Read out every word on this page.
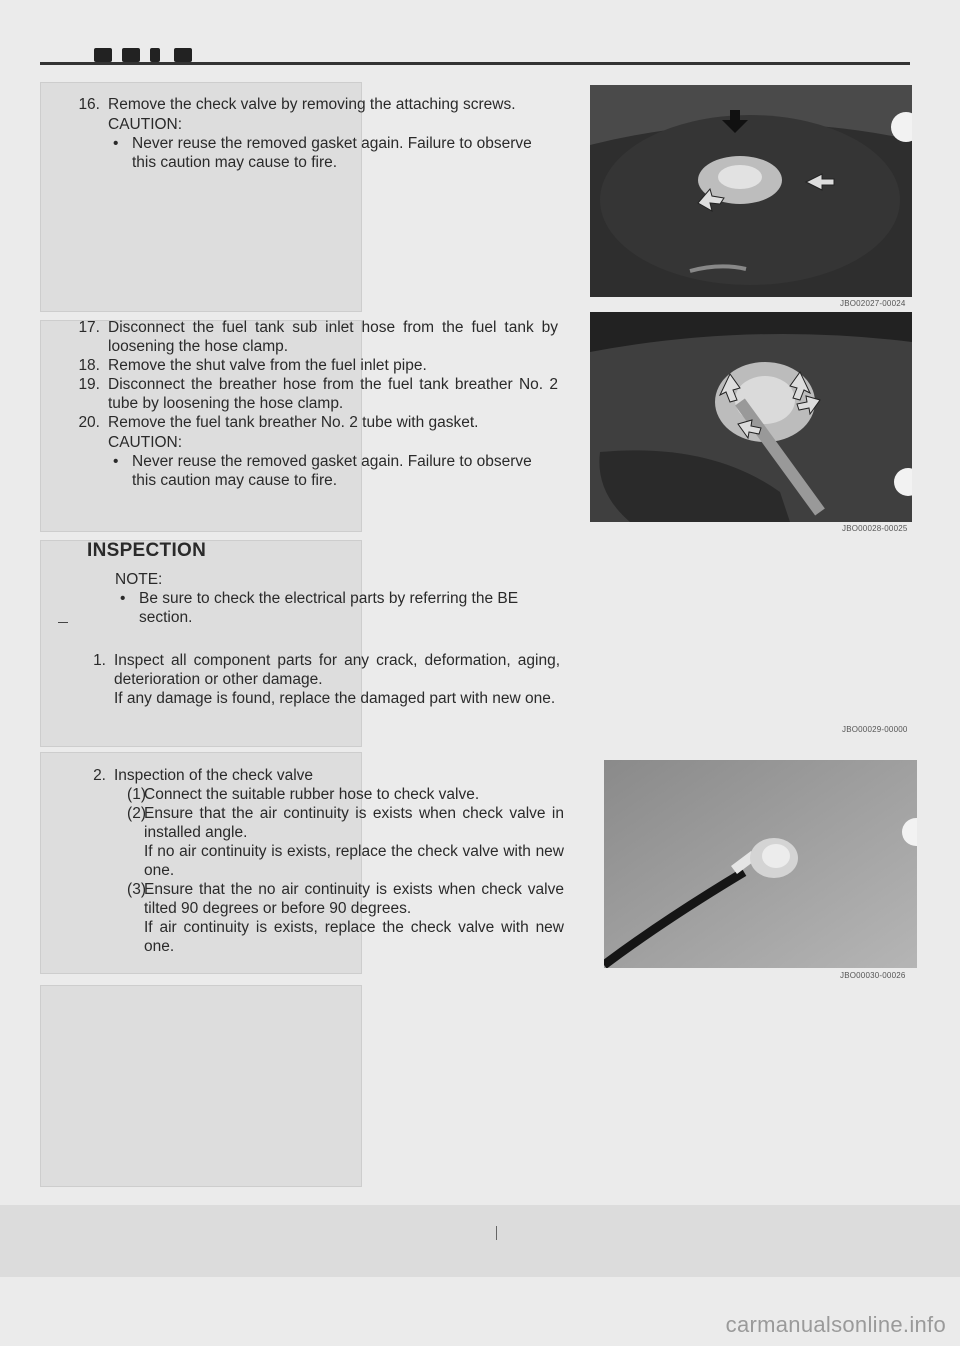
16. Remove the check valve by removing the attaching screws.
CAUTION:
• Never reuse the removed gasket again. Failure to observe this caution may cause to fire.
JBO02027-00024
17. Disconnect the fuel tank sub inlet hose from the fuel tank by loosening the hose clamp.
18. Remove the shut valve from the fuel inlet pipe.
19. Disconnect the breather hose from the fuel tank breather No. 2 tube by loosening the hose clamp.
20. Remove the fuel tank breather No. 2 tube with gasket.
CAUTION:
• Never reuse the removed gasket again. Failure to observe this caution may cause to fire.
JBO00028-00025
INSPECTION
NOTE:
• Be sure to check the electrical parts by referring the BE section.
1. Inspect all component parts for any crack, deformation, aging, deterioration or other damage.
If any damage is found, replace the damaged part with new one.
JBO00029-00000
2. Inspection of the check valve
(1)
Connect the suitable rubber hose to check valve.
(2)
Ensure that the air continuity is exists when check valve in installed angle.
If no air continuity is exists, replace the check valve with new one.
(3)
Ensure that the no air continuity is exists when check valve tilted 90 degrees or before 90 degrees.
If air continuity is exists, replace the check valve with new one.
JBO00030-00026
carmanualsonline.info
